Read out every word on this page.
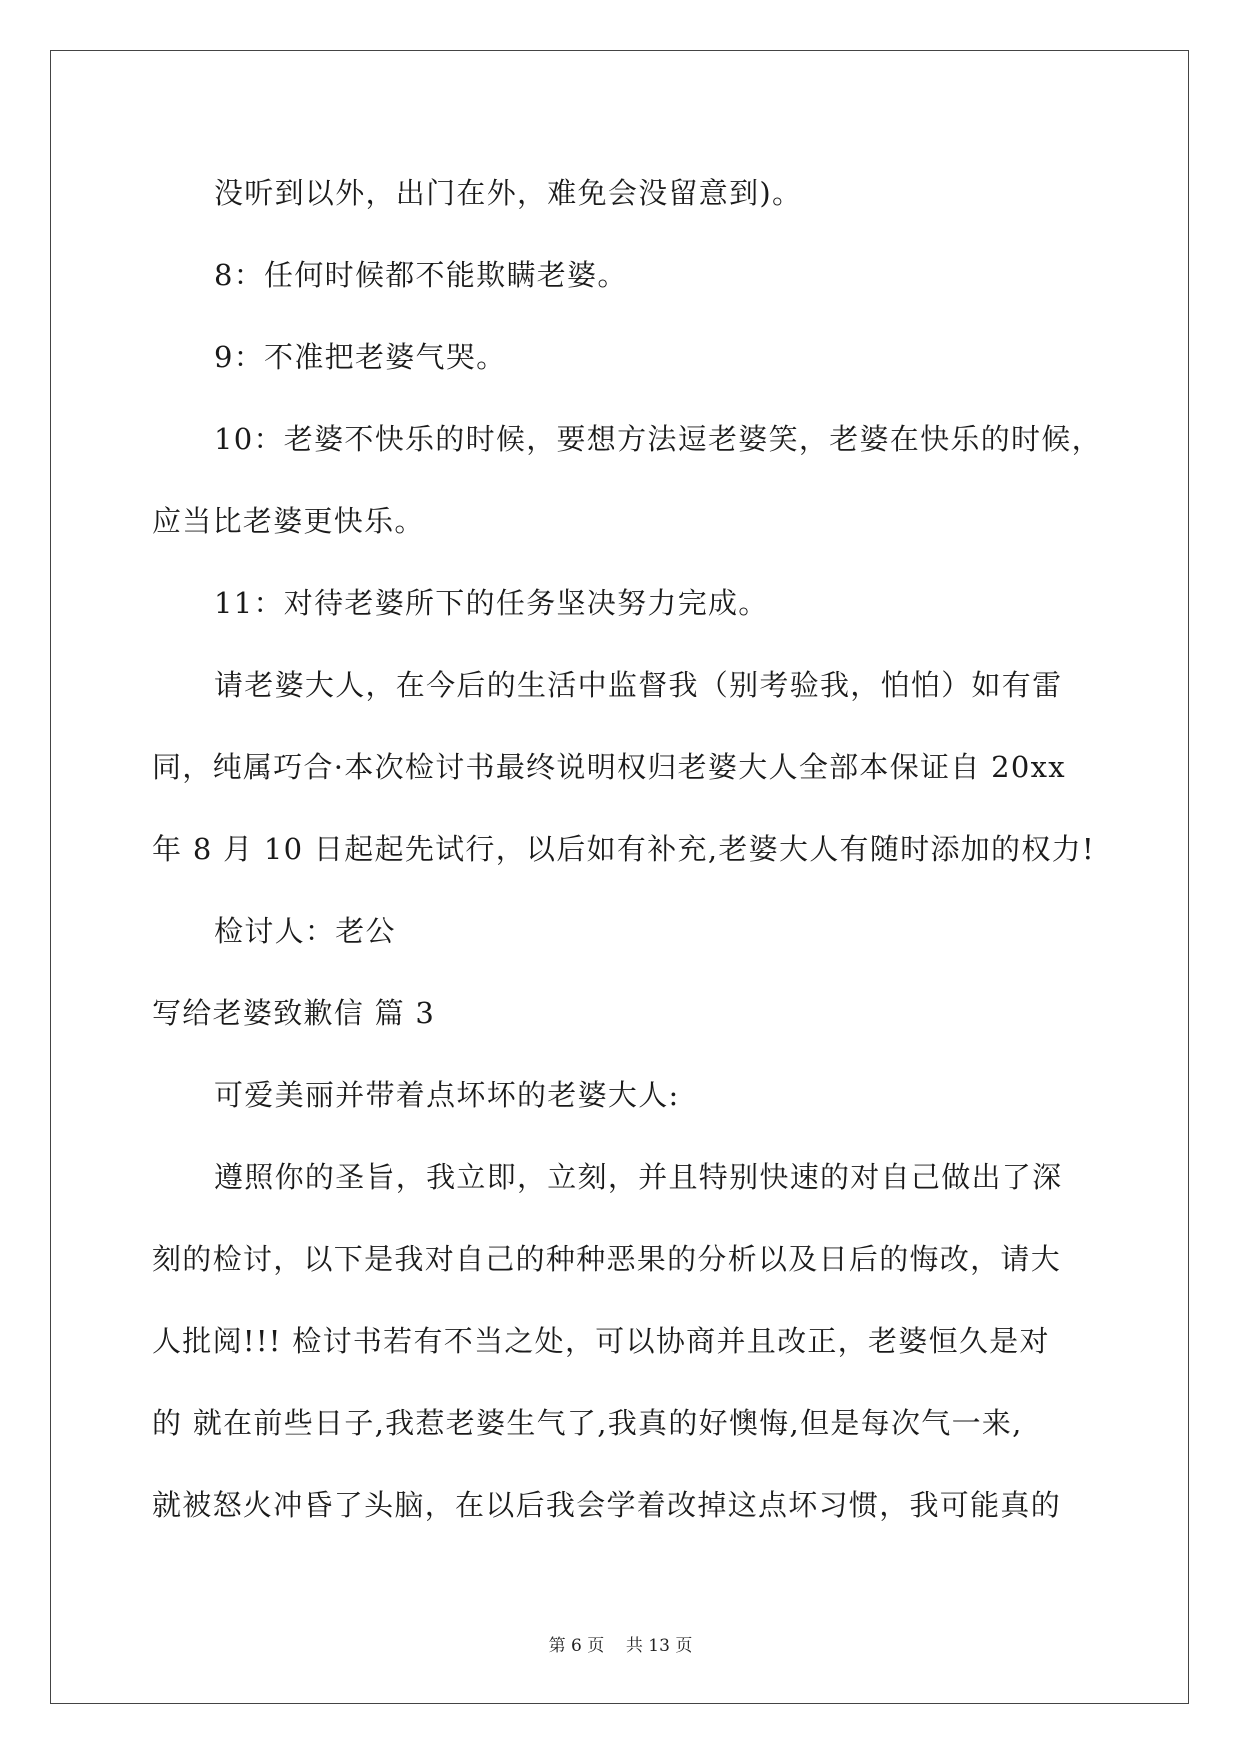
没听到以外，出门在外，难免会没留意到)。

8：任何时候都不能欺瞒老婆。

9：不准把老婆气哭。

10：老婆不快乐的时候，要想方法逗老婆笑，老婆在快乐的时候，

应当比老婆更快乐。

11：对待老婆所下的任务坚决努力完成。

请老婆大人，在今后的生活中监督我（别考验我，怕怕）如有雷

同，纯属巧合·本次检讨书最终说明权归老婆大人全部本保证自 20xx

年 8 月 10 日起起先试行，以后如有补充,老婆大人有随时添加的权力!

检讨人：老公

写给老婆致歉信 篇 3

可爱美丽并带着点坏坏的老婆大人:

遵照你的圣旨，我立即，立刻，并且特别快速的对自己做出了深

刻的检讨，以下是我对自己的种种恶果的分析以及日后的悔改，请大

人批阅!!! 检讨书若有不当之处，可以协商并且改正，老婆恒久是对

的 就在前些日子,我惹老婆生气了,我真的好懊悔,但是每次气一来,

就被怒火冲昏了头脑，在以后我会学着改掉这点坏习惯，我可能真的

第 6 页    共 13 页
